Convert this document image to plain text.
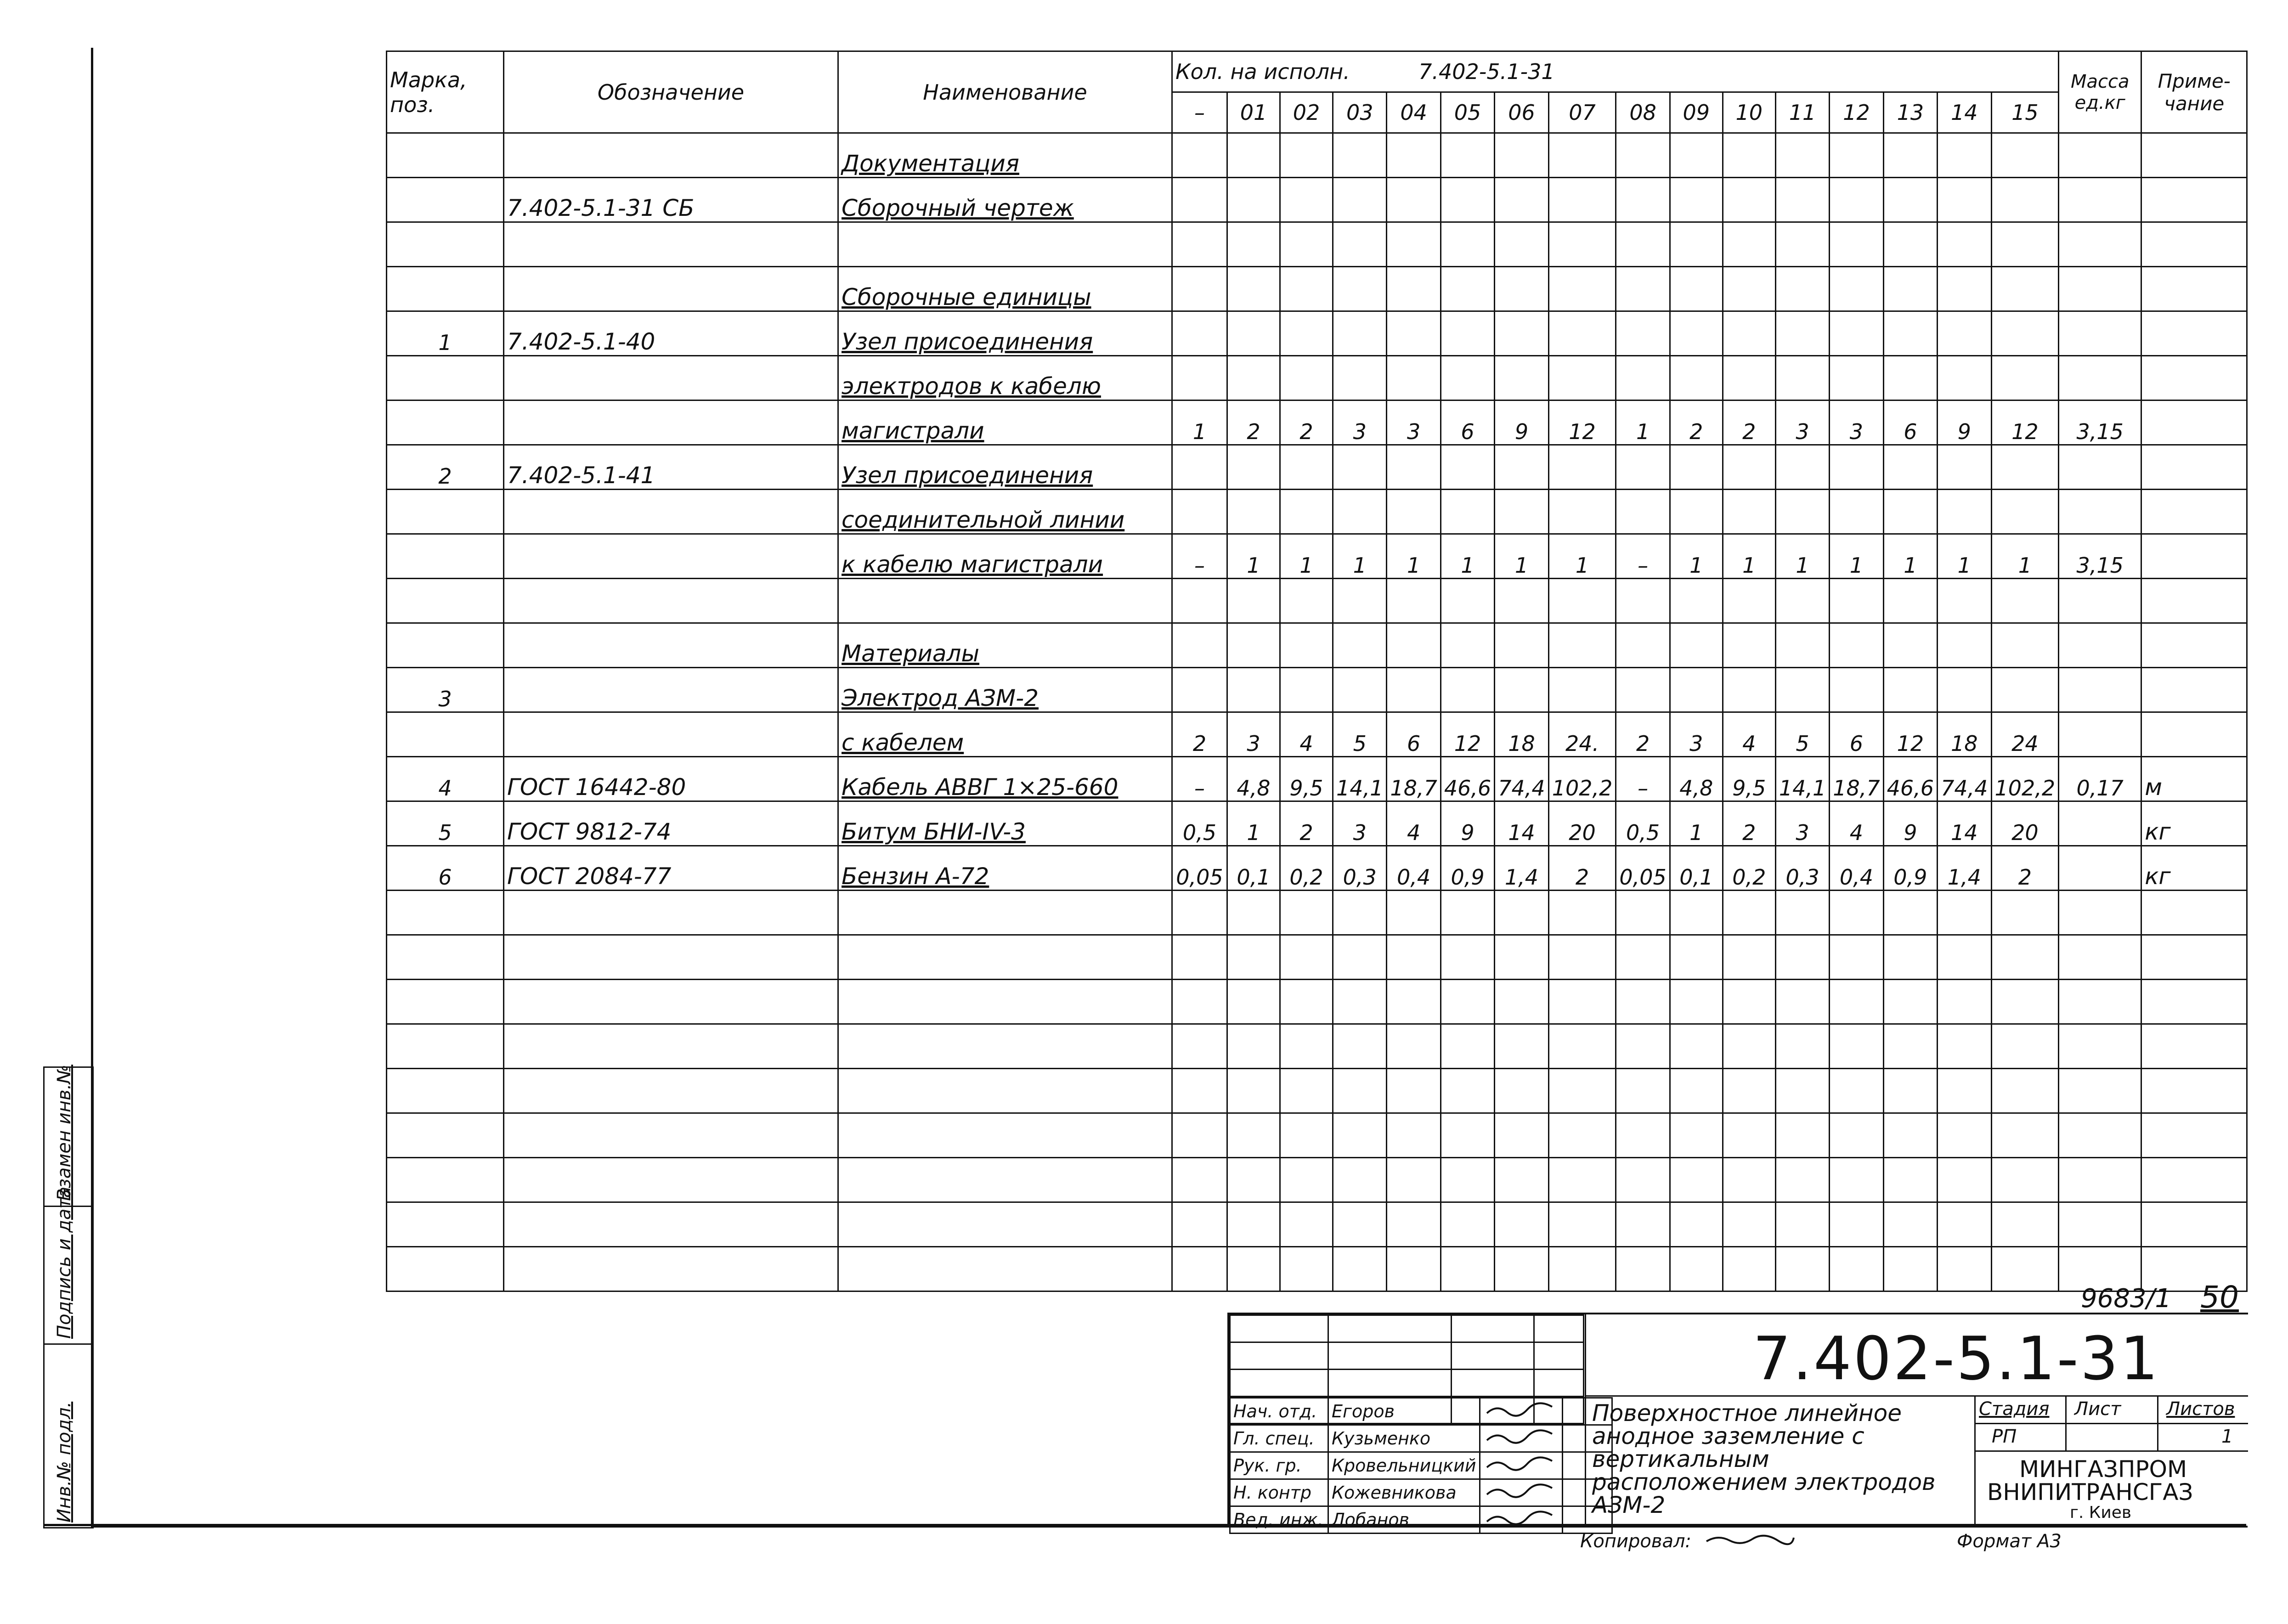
Марка, поз.	Обозначение	Наименование	Кол. на исполн. 7.402-5.1-31																Масса ед.кг	Приме- чание
			–	01	02	03	04	05	06	07	08	09	10	11	12	13	14	15		
		Документация																		
	7.402-5.1-31 СБ	Сборочный чертеж																		

		Сборочные единицы																		
1	7.402-5.1-40	Узел присоединения																		
		электродов к кабелю																		
		магистрали	1	2	2	3	3	6	9	12	1	2	2	3	3	6	9	12	3,15	
2	7.402-5.1-41	Узел присоединения																		
		соединительной линии																		
		к кабелю магистрали	–	1	1	1	1	1	1	1	–	1	1	1	1	1	1	1	3,15	

		Материалы																		
3		Электрод АЗМ-2																		
		с кабелем	2	3	4	5	6	12	18	24.	2	3	4	5	6	12	18	24		
4	ГОСТ 16442-80	Кабель АВВГ 1×25-660	–	4,8	9,5	14,1	18,7	46,6	74,4	102,2	–	4,8	9,5	14,1	18,7	46,6	74,4	102,2	0,17	м
5	ГОСТ 9812-74	Битум БНИ-IV-3	0,5	1	2	3	4	9	14	20	0,5	1	2	3	4	9	14	20		кг
6	ГОСТ 2084-77	Бензин А-72	0,05	0,1	0,2	0,3	0,4	0,9	1,4	2	0,05	0,1	0,2	0,3	0,4	0,9	1,4	2		кг

Инв.№ подл.
Подпись и дата
Взамен инв.№
9683/1 50

Нач. отд.	Егоров		
Гл. спец.	Кузьменко		
Рук. гр.	Кровельницкий		
Н. контр	Кожевникова		
Вед. инж.	Лобанов		
7.402-5.1-31
Поверхностное линейное анодное заземление с вертикальным расположением электродов АЗМ-2
Стадия Лист Листов
РП	1
МИНГАЗПРОМ
ВНИПИТРАНСГАЗ
г. Киев
Копировал:	Формат А3
